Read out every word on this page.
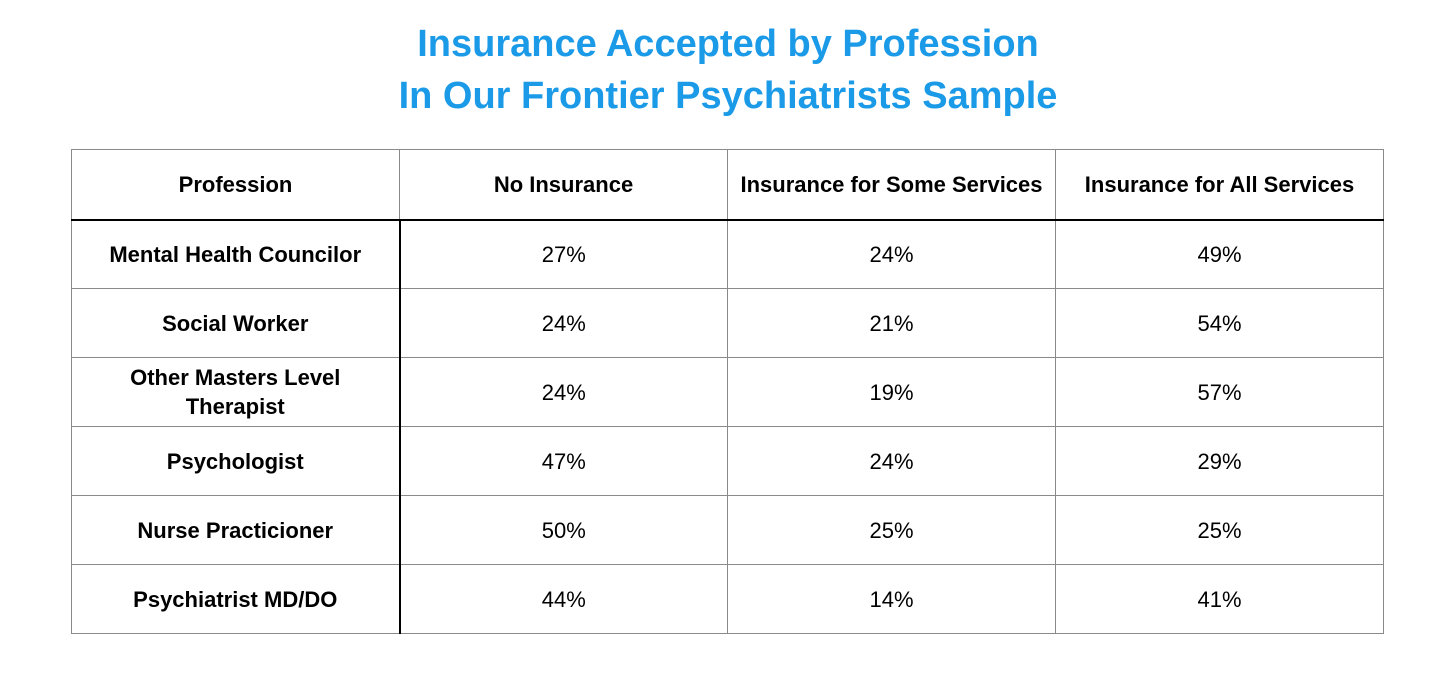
Insurance Accepted by Profession
In Our Frontier Psychiatrists Sample
Profession	No Insurance	Insurance for Some Services	Insurance for All Services
Mental Health Councilor	27%	24%	49%
Social Worker	24%	21%	54%
Other Masters Level Therapist	24%	19%	57%
Psychologist	47%	24%	29%
Nurse Practicioner	50%	25%	25%
Psychiatrist MD/DO	44%	14%	41%
